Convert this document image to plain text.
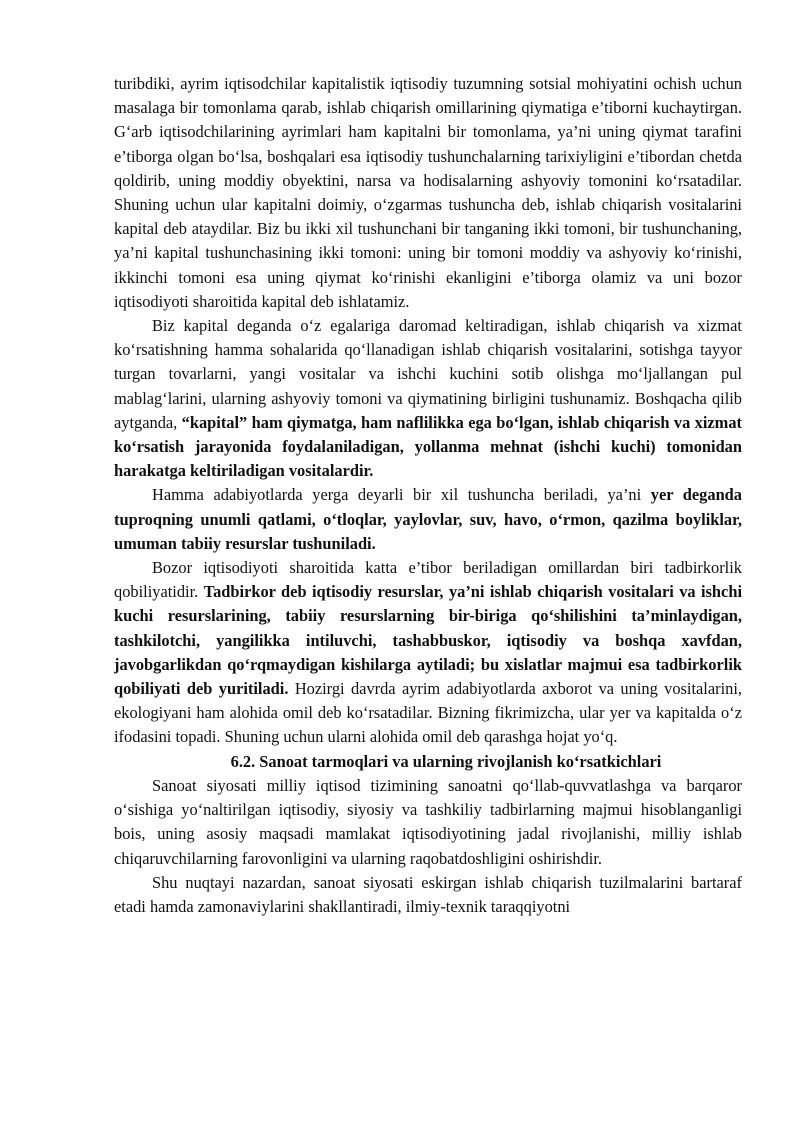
turibdiki, ayrim iqtisodchilar kapitalistik iqtisodiy tuzumning sotsial mohiyatini ochish uchun masalaga bir tomonlama qarab, ishlab chiqarish omillarining qiymatiga e’tiborni kuchaytirgan. G‘arb iqtisodchilarining ayrimlari ham kapitalni bir tomonlama, ya’ni uning qiymat tarafini e’tiborga olgan bo‘lsa, boshqalari esa iqtisodiy tushunchalarning tarixiyligini e’tibordan chetda qoldirib, uning moddiy obyektini, narsa va hodisalarning ashyoviy tomonini ko‘rsatadilar. Shuning uchun ular kapitalni doimiy, o‘zgarmas tushuncha deb, ishlab chiqarish vositalarini kapital deb ataydilar. Biz bu ikki xil tushunchani bir tanganing ikki tomoni, bir tushunchaning, ya’ni kapital tushunchasining ikki tomoni: uning bir tomoni moddiy va ashyoviy ko‘rinishi, ikkinchi tomoni esa uning qiymat ko‘rinishi ekanligini e’tiborga olamiz va uni bozor iqtisodiyoti sharoitida kapital deb ishlatamiz.

Biz kapital deganda o‘z egalariga daromad keltiradigan, ishlab chiqarish va xizmat ko‘rsatishning hamma sohalarida qo‘llanadigan ishlab chiqarish vositalarini, sotishga tayyor turgan tovarlarni, yangi vositalar va ishchi kuchini sotib olishga mo‘ljallangan pul mablag‘larini, ularning ashyoviy tomoni va qiymatining birligini tushunamiz. Boshqacha qilib aytganda, “kapital” ham qiymatga, ham naflilikka ega bo‘lgan, ishlab chiqarish va xizmat ko‘rsatish jarayonida foydalaniladigan, yollanma mehnat (ishchi kuchi) tomonidan harakatga keltiriladigan vositalardir.

Hamma adabiyotlarda yerga deyarli bir xil tushuncha beriladi, ya’ni yer deganda tuproqning unumli qatlami, o‘tloqlar, yaylovlar, suv, havo, o‘rmon, qazilma boyliklar, umuman tabiiy resurslar tushuniladi.

Bozor iqtisodiyoti sharoitida katta e’tibor beriladigan omillardan biri tadbirkorlik qobiliyatidir. Tadbirkor deb iqtisodiy resurslar, ya’ni ishlab chiqarish vositalari va ishchi kuchi resurslarining, tabiiy resurslarning bir-biriga qo‘shilishini ta’minlaydigan, tashkilotchi, yangilikka intiluvchi, tashabbuskor, iqtisodiy va boshqa xavfdan, javobgarlikdan qo‘rqmaydigan kishilarga aytiladi; bu xislatlar majmui esa tadbirkorlik qobiliyati deb yuritiladi. Hozirgi davrda ayrim adabiyotlarda axborot va uning vositalarini, ekologiyani ham alohida omil deb ko‘rsatadilar. Bizning fikrimizcha, ular yer va kapitalda o‘z ifodasini topadi. Shuning uchun ularni alohida omil deb qarashga hojat yo‘q.

6.2. Sanoat tarmoqlari va ularning rivojlanish ko‘rsatkichlari

Sanoat siyosati milliy iqtisod tizimining sanoatni qo‘llab-quvvatlashga va barqaror o‘sishiga yo‘naltirilgan iqtisodiy, siyosiy va tashkiliy tadbirlarning majmui hisoblanganligi bois, uning asosiy maqsadi mamlakat iqtisodiyotining jadal rivojlanishi, milliy ishlab chiqaruvchilarning farovonligini va ularning raqobatdoshligini oshirishdir.

Shu nuqtayi nazardan, sanoat siyosati eskirgan ishlab chiqarish tuzilmalarini bartaraf etadi hamda zamonaviylarini shakllantiradi, ilmiy-texnik taraqqiyotni
